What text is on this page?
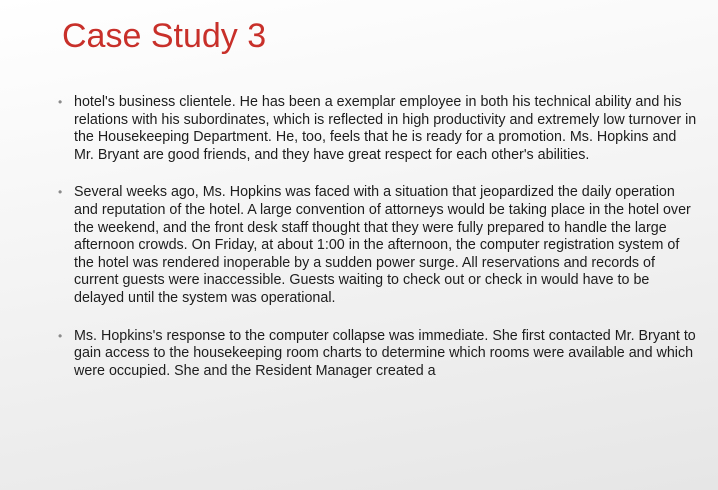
Case Study 3
• hotel's business clientele. He has been a exemplar employee in both his technical ability and his relations with his subordinates, which is reflected in high productivity and extremely low turnover in the Housekeeping Department. He, too, feels that he is ready for a promotion. Ms. Hopkins and Mr. Bryant are good friends, and they have great respect for each other's abilities.
• Several weeks ago, Ms. Hopkins was faced with a situation that jeopardized the daily operation and reputation of the hotel. A large convention of attorneys would be taking place in the hotel over the weekend, and the front desk staff thought that they were fully prepared to handle the large afternoon crowds. On Friday, at about 1:00 in the afternoon, the computer registration system of the hotel was rendered inoperable by a sudden power surge. All reservations and records of current guests were inaccessible. Guests waiting to check out or check in would have to be delayed until the system was operational.
• Ms. Hopkins's response to the computer collapse was immediate. She first contacted Mr. Bryant to gain access to the housekeeping room charts to determine which rooms were available and which were occupied. She and the Resident Manager created a
